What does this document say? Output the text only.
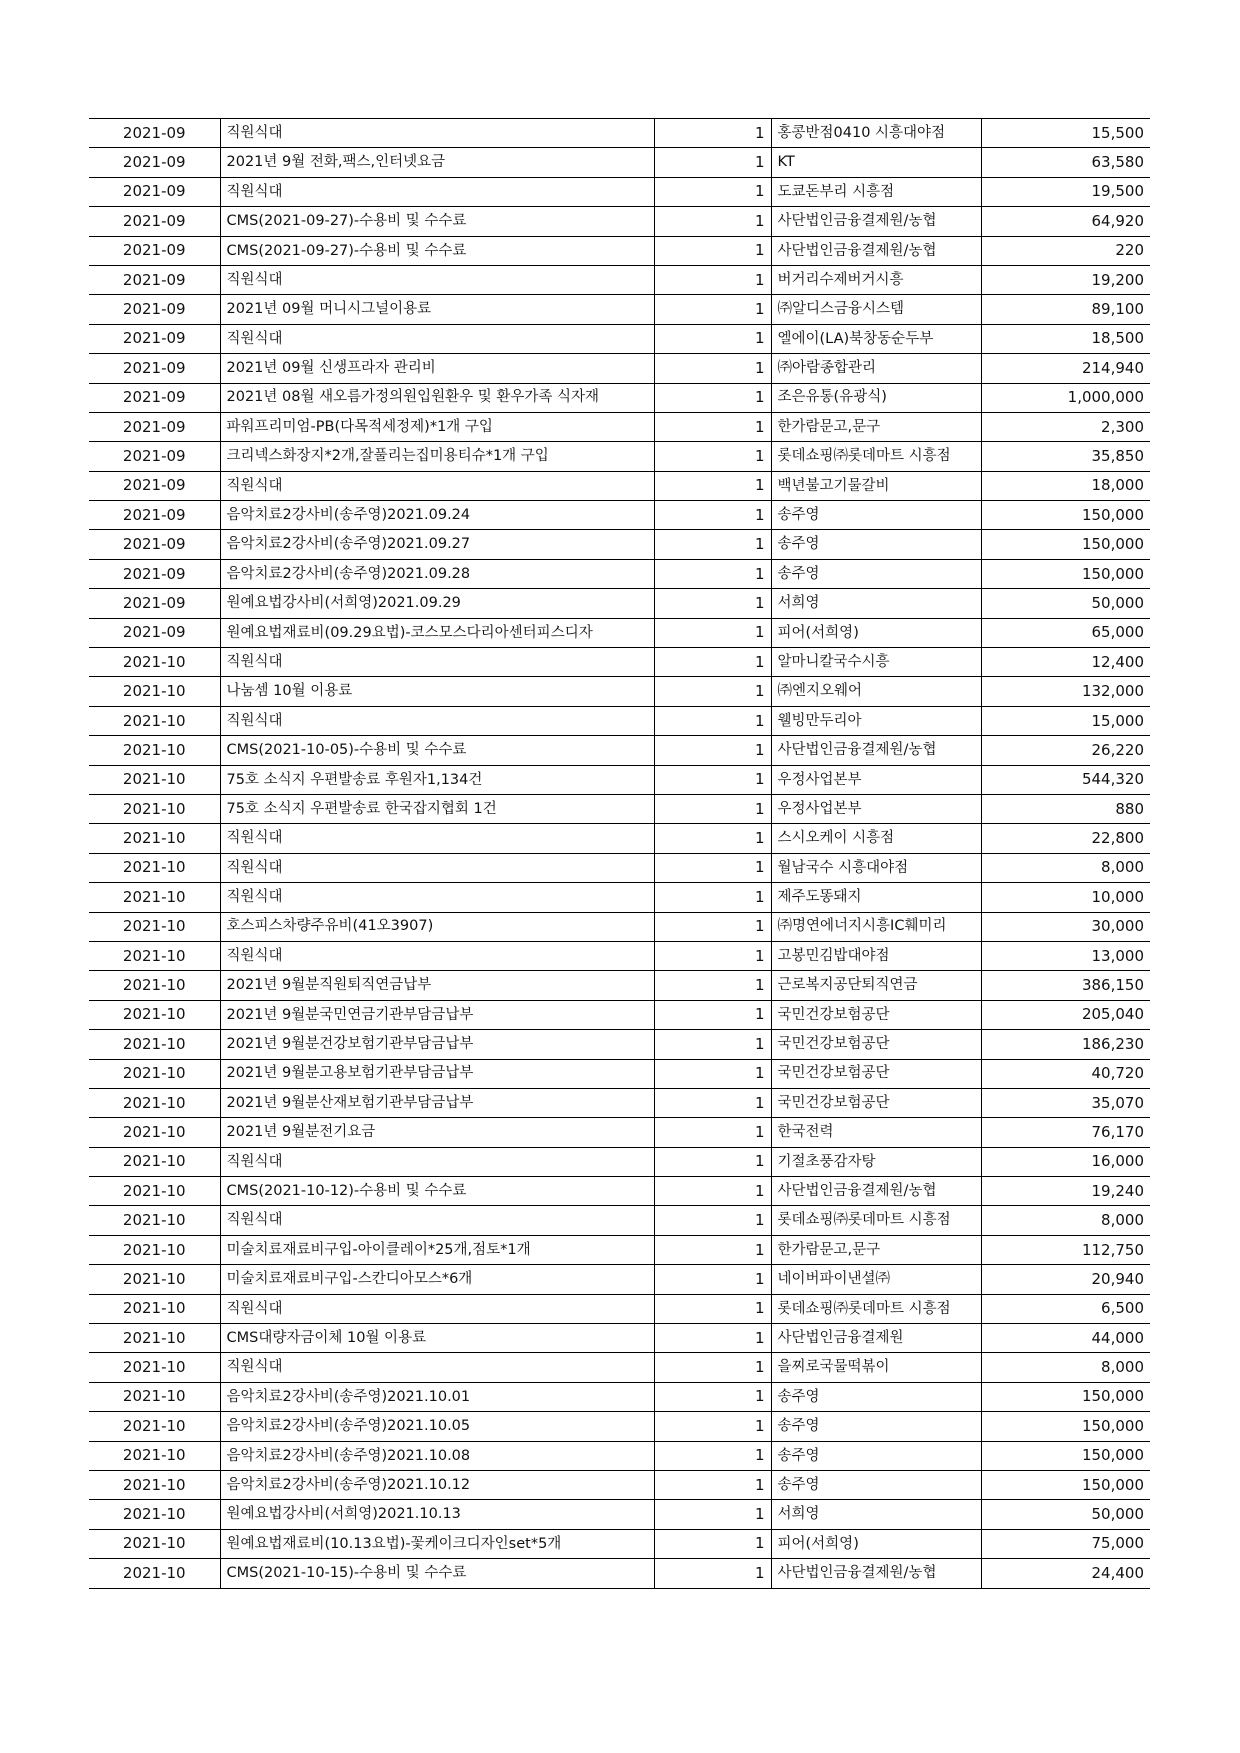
2021-09	직원식대	1	홍콩반점0410 시흥대야점	15,500
2021-09	2021년 9월 전화,팩스,인터넷요금	1	KT	63,580
2021-09	직원식대	1	도쿄돈부리 시흥점	19,500
2021-09	CMS(2021-09-27)-수용비 및 수수료	1	사단법인금융결제원/농협	64,920
2021-09	CMS(2021-09-27)-수용비 및 수수료	1	사단법인금융결제원/농협	220
2021-09	직원식대	1	버거리수제버거시흥	19,200
2021-09	2021년 09월 머니시그널이용료	1	㈜알디스금융시스템	89,100
2021-09	직원식대	1	엘에이(LA)북창동순두부	18,500
2021-09	2021년 09월 신생프라자 관리비	1	㈜아람종합관리	214,940
2021-09	2021년 08월 새오름가정의원입원환우 및 환우가족 식자재	1	조은유통(유광식)	1,000,000
2021-09	파워프리미엄-PB(다목적세정제)*1개 구입	1	한가람문고,문구	2,300
2021-09	크리넥스화장지*2개,잘풀리는집미용티슈*1개 구입	1	롯데쇼핑㈜롯데마트 시흥점	35,850
2021-09	직원식대	1	백년불고기물갈비	18,000
2021-09	음악치료2강사비(송주영)2021.09.24	1	송주영	150,000
2021-09	음악치료2강사비(송주영)2021.09.27	1	송주영	150,000
2021-09	음악치료2강사비(송주영)2021.09.28	1	송주영	150,000
2021-09	원예요법강사비(서희영)2021.09.29	1	서희영	50,000
2021-09	원예요법재료비(09.29요법)-코스모스다리아센터피스디자	1	피어(서희영)	65,000
2021-10	직원식대	1	알마니칼국수시흥	12,400
2021-10	나눔셈 10월 이용료	1	㈜엔지오웨어	132,000
2021-10	직원식대	1	웰빙만두리아	15,000
2021-10	CMS(2021-10-05)-수용비 및 수수료	1	사단법인금융결제원/농협	26,220
2021-10	75호 소식지 우편발송료 후원자1,134건	1	우정사업본부	544,320
2021-10	75호 소식지 우편발송료 한국잡지협회 1건	1	우정사업본부	880
2021-10	직원식대	1	스시오케이 시흥점	22,800
2021-10	직원식대	1	월남국수 시흥대야점	8,000
2021-10	직원식대	1	제주도똥돼지	10,000
2021-10	호스피스차량주유비(41오3907)	1	㈜명연에너지시흥IC훼미리	30,000
2021-10	직원식대	1	고봉민김밥대야점	13,000
2021-10	2021년 9월분직원퇴직연금납부	1	근로복지공단퇴직연금	386,150
2021-10	2021년 9월분국민연금기관부담금납부	1	국민건강보험공단	205,040
2021-10	2021년 9월분건강보험기관부담금납부	1	국민건강보험공단	186,230
2021-10	2021년 9월분고용보험기관부담금납부	1	국민건강보험공단	40,720
2021-10	2021년 9월분산재보험기관부담금납부	1	국민건강보험공단	35,070
2021-10	2021년 9월분전기요금	1	한국전력	76,170
2021-10	직원식대	1	기절초풍감자탕	16,000
2021-10	CMS(2021-10-12)-수용비 및 수수료	1	사단법인금융결제원/농협	19,240
2021-10	직원식대	1	롯데쇼핑㈜롯데마트 시흥점	8,000
2021-10	미술치료재료비구입-아이클레이*25개,점토*1개	1	한가람문고,문구	112,750
2021-10	미술치료재료비구입-스칸디아모스*6개	1	네이버파이낸셜㈜	20,940
2021-10	직원식대	1	롯데쇼핑㈜롯데마트 시흥점	6,500
2021-10	CMS대량자금이체 10월 이용료	1	사단법인금융결제원	44,000
2021-10	직원식대	1	을찌로국물떡볶이	8,000
2021-10	음악치료2강사비(송주영)2021.10.01	1	송주영	150,000
2021-10	음악치료2강사비(송주영)2021.10.05	1	송주영	150,000
2021-10	음악치료2강사비(송주영)2021.10.08	1	송주영	150,000
2021-10	음악치료2강사비(송주영)2021.10.12	1	송주영	150,000
2021-10	원예요법강사비(서희영)2021.10.13	1	서희영	50,000
2021-10	원예요법재료비(10.13요법)-꽃케이크디자인set*5개	1	피어(서희영)	75,000
2021-10	CMS(2021-10-15)-수용비 및 수수료	1	사단법인금융결제원/농협	24,400
